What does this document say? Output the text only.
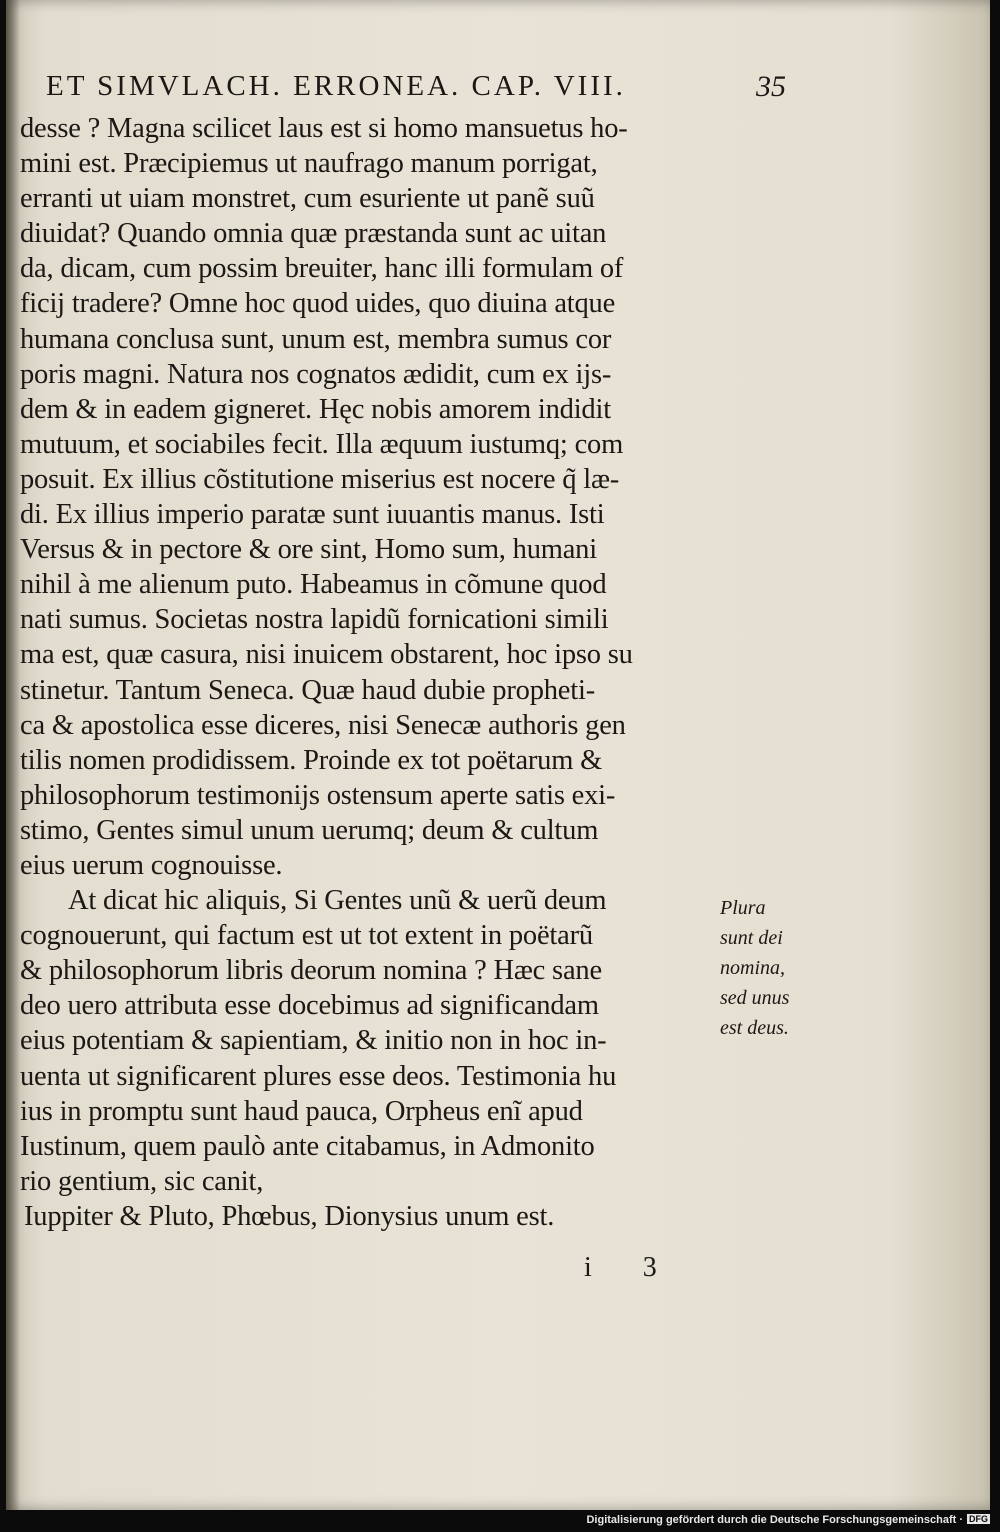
ET SIMVLACH. ERRONEA. CAP. VIII.	35
desse ? Magna scilicet laus est si homo mansuetus ho-
mini est. Præcipiemus ut naufrago manum porrigat,
erranti ut uiam monstret, cum esuriente ut panẽ suũ
diuidat? Quando omnia quæ præstanda sunt ac uitan
da, dicam, cum possim breuiter, hanc illi formulam of
ficij tradere? Omne hoc quod uides, quo diuina atque
humana conclusa sunt, unum est, membra sumus cor
poris magni. Natura nos cognatos ædidit, cum ex ijs-
dem & in eadem gigneret. Hęc nobis amorem indidit
mutuum, et sociabiles fecit. Illa æquum iustumq; com
posuit. Ex illius cõstitutione miserius est nocere q̃ læ-
di. Ex illius imperio paratæ sunt iuuantis manus. Isti
Versus & in pectore & ore sint, Homo sum, humani
nihil à me alienum puto. Habeamus in cõmune quod
nati sumus. Societas nostra lapidũ fornicationi simili
ma est, quæ casura, nisi inuicem obstarent, hoc ipso su
stinetur. Tantum Seneca. Quæ haud dubie propheti-
ca & apostolica esse diceres, nisi Senecæ authoris gen
tilis nomen prodidissem. Proinde ex tot poëtarum &
philosophorum testimonijs ostensum aperte satis exi-
stimo, Gentes simul unum uerumq; deum & cultum
eius uerum cognouisse.
At dicat hic aliquis, Si Gentes unũ & uerũ deum
cognouerunt, qui factum est ut tot extent in poëtarũ
& philosophorum libris deorum nomina ? Hæc sane
deo uero attributa esse docebimus ad significandam
eius potentiam & sapientiam, & initio non in hoc in-
uenta ut significarent plures esse deos. Testimonia hu
ius in promptu sunt haud pauca, Orpheus enĩ apud
Iustinum, quem paulò ante citabamus, in Admonito
rio gentium, sic canit,
Iuppiter & Pluto, Phœbus, Dionysius unum est.
Plura
sunt dei
nomina,
sed unus
est deus.
i 3
Digitalisierung gefördert durch die Deutsche Forschungsgemeinschaft · DFG
